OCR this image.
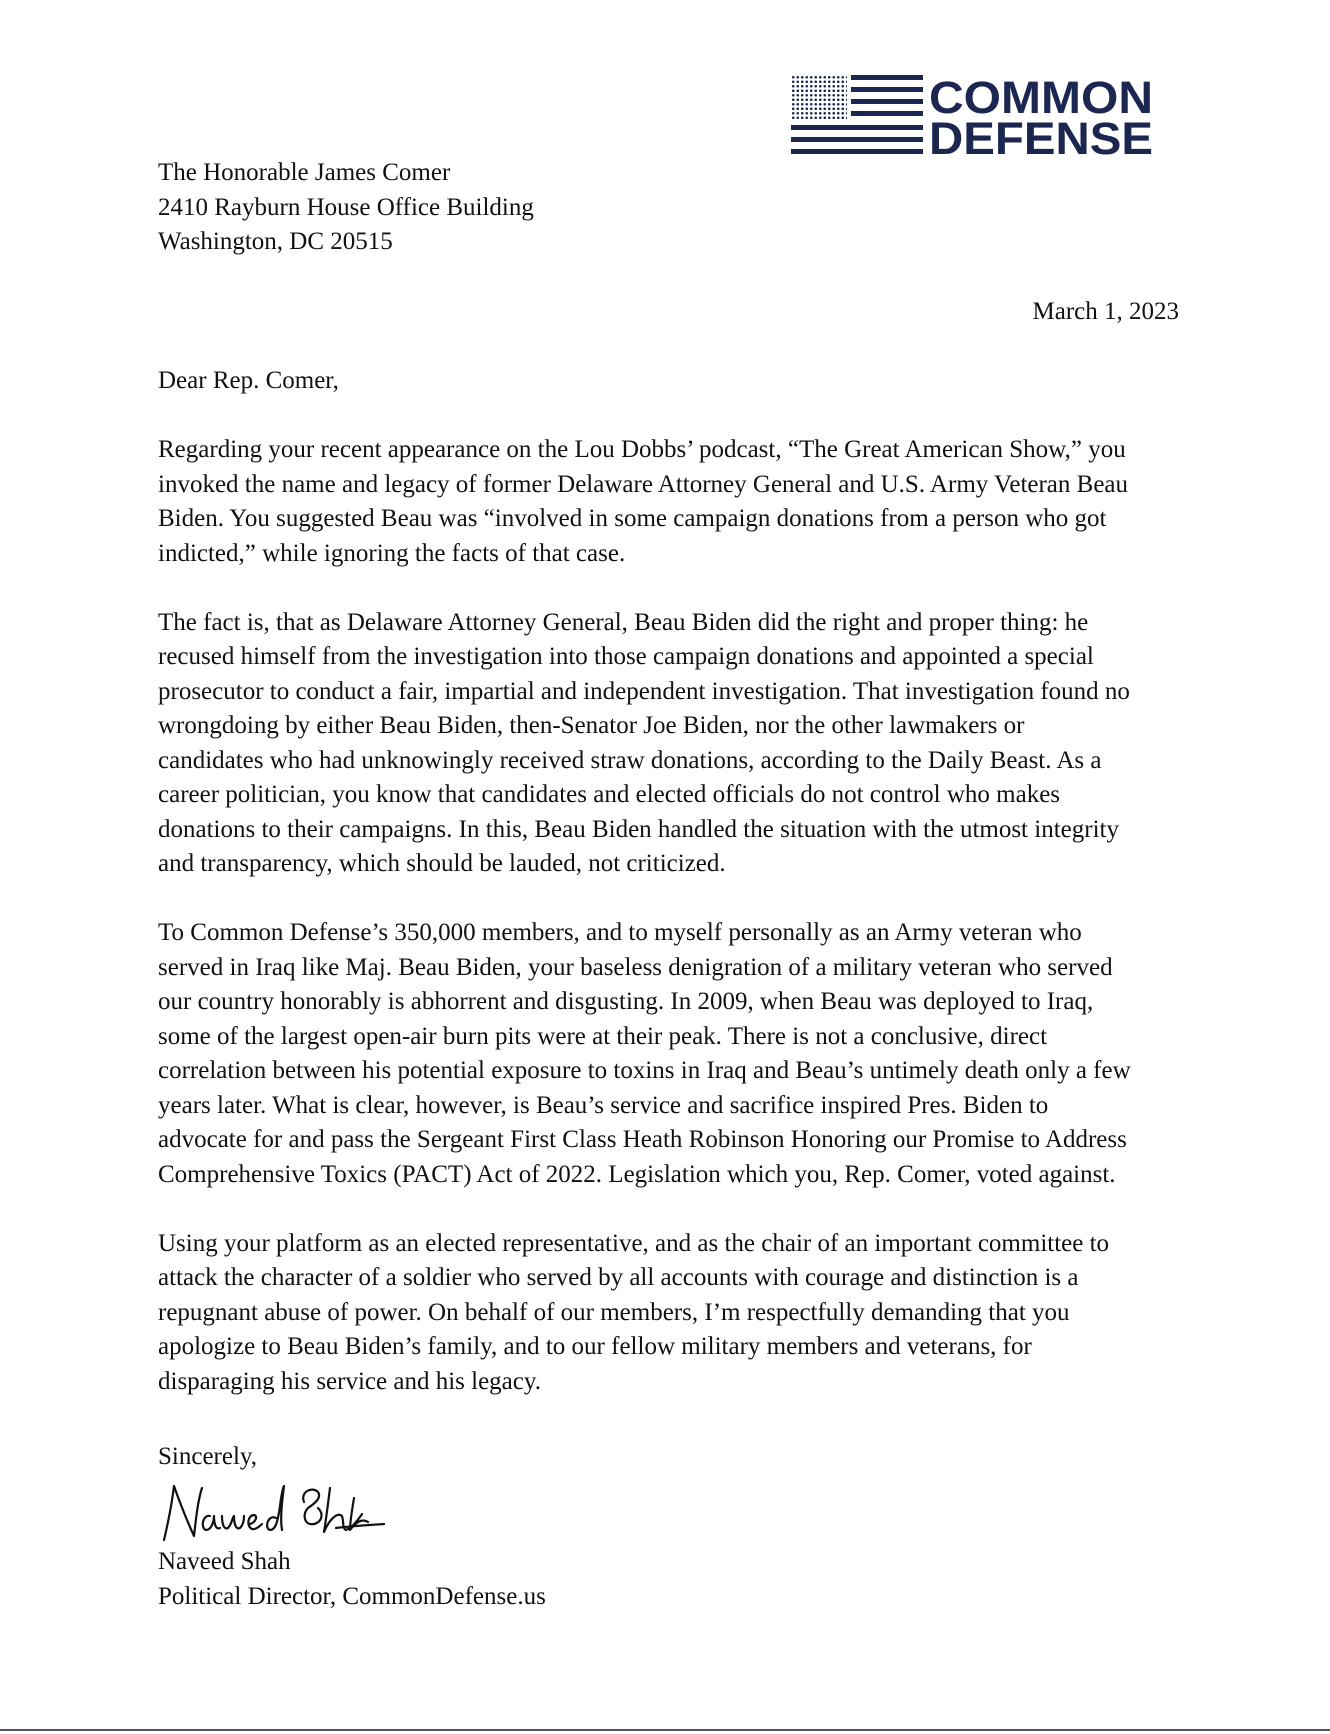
COMMON
DEFENSE
The Honorable James Comer
2410 Rayburn House Office Building
Washington, DC 20515
March 1, 2023
Dear Rep. Comer,

Regarding your recent appearance on the Lou Dobbs’ podcast, “The Great American Show,” you
invoked the name and legacy of former Delaware Attorney General and U.S. Army Veteran Beau
Biden. You suggested Beau was “involved in some campaign donations from a person who got
indicted,” while ignoring the facts of that case.

The fact is, that as Delaware Attorney General, Beau Biden did the right and proper thing: he
recused himself from the investigation into those campaign donations and appointed a special
prosecutor to conduct a fair, impartial and independent investigation. That investigation found no
wrongdoing by either Beau Biden, then-Senator Joe Biden, nor the other lawmakers or
candidates who had unknowingly received straw donations, according to the Daily Beast. As a
career politician, you know that candidates and elected officials do not control who makes
donations to their campaigns. In this, Beau Biden handled the situation with the utmost integrity
and transparency, which should be lauded, not criticized.

To Common Defense’s 350,000 members, and to myself personally as an Army veteran who
served in Iraq like Maj. Beau Biden, your baseless denigration of a military veteran who served
our country honorably is abhorrent and disgusting. In 2009, when Beau was deployed to Iraq,
some of the largest open-air burn pits were at their peak. There is not a conclusive, direct
correlation between his potential exposure to toxins in Iraq and Beau’s untimely death only a few
years later. What is clear, however, is Beau’s service and sacrifice inspired Pres. Biden to
advocate for and pass the Sergeant First Class Heath Robinson Honoring our Promise to Address
Comprehensive Toxics (PACT) Act of 2022. Legislation which you, Rep. Comer, voted against.

Using your platform as an elected representative, and as the chair of an important committee to
attack the character of a soldier who served by all accounts with courage and distinction is a
repugnant abuse of power. On behalf of our members, I’m respectfully demanding that you
apologize to Beau Biden’s family, and to our fellow military members and veterans, for
disparaging his service and his legacy.

Sincerely,
Naveed Shah
Political Director, CommonDefense.us
